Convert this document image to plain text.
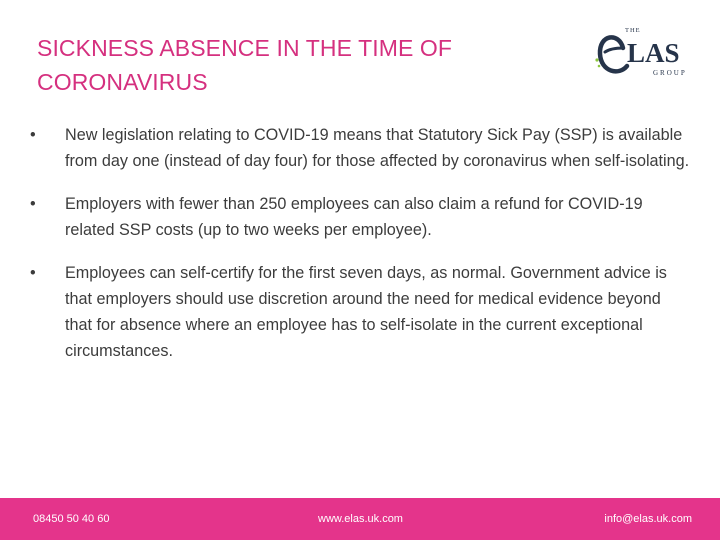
SICKNESS ABSENCE IN THE TIME OF CORONAVIRUS
THE
LAS
GROUP
•	New legislation relating to COVID-19 means that Statutory Sick Pay (SSP) is available from day one (instead of day four) for those affected by coronavirus when self-isolating.
•	Employers with fewer than 250 employees can also claim a refund for COVID-19 related SSP costs (up to two weeks per employee).
•	Employees can self-certify for the first seven days, as normal. Government advice is that employers should use discretion around the need for medical evidence beyond that for absence where an employee has to self-isolate in the current exceptional circumstances.
08450 50 40 60	www.elas.uk.com	info@elas.uk.com
